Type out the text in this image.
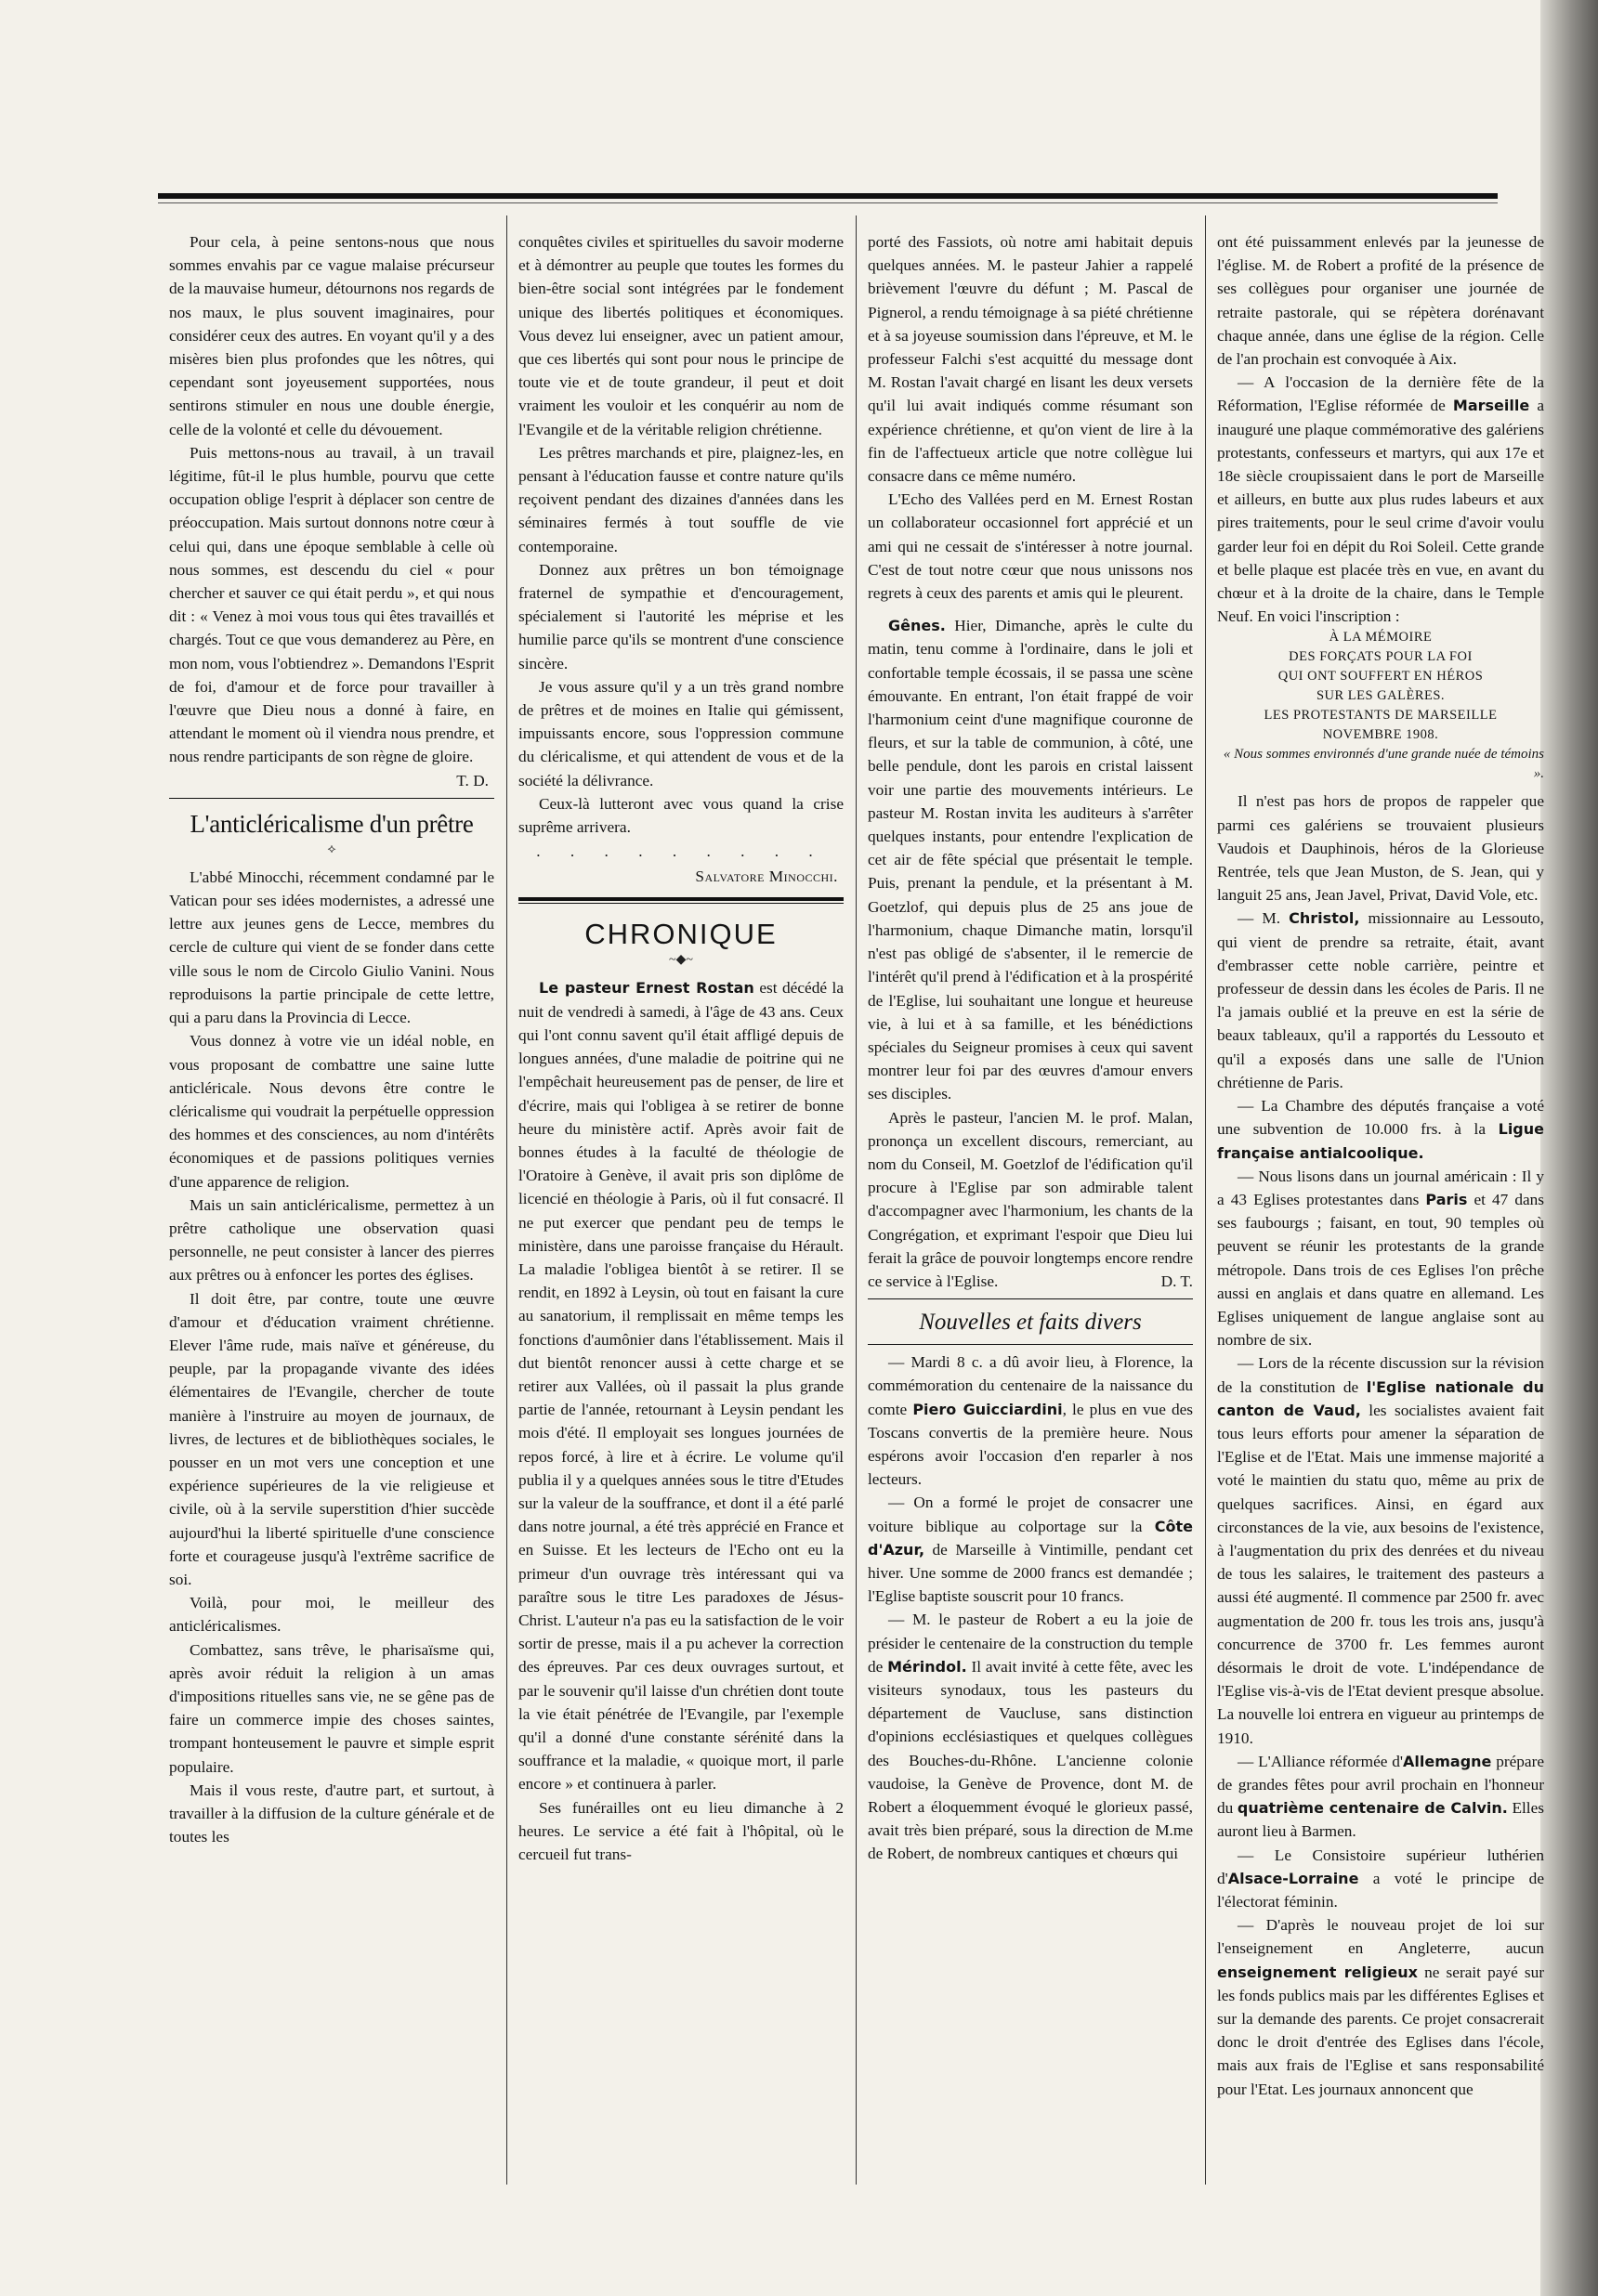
Pour cela, à peine sentons-nous que nous sommes envahis par ce vague malaise précurseur de la mauvaise humeur, détournons nos regards de nos maux, le plus souvent imaginaires, pour considérer ceux des autres. En voyant qu'il y a des misères bien plus profondes que les nôtres, qui cependant sont joyeusement supportées, nous sentirons stimuler en nous une double énergie, celle de la volonté et celle du dévouement.

Puis mettons-nous au travail, à un travail légitime, fût-il le plus humble, pourvu que cette occupation oblige l'esprit à déplacer son centre de préoccupation. Mais surtout donnons notre cœur à celui qui, dans une époque semblable à celle où nous sommes, est descendu du ciel « pour chercher et sauver ce qui était perdu », et qui nous dit : « Venez à moi vous tous qui êtes travaillés et chargés. Tout ce que vous demanderez au Père, en mon nom, vous l'obtiendrez ». Demandons l'Esprit de foi, d'amour et de force pour travailler à l'œuvre que Dieu nous a donné à faire, en attendant le moment où il viendra nous prendre, et nous rendre participants de son règne de gloire.

T. D.
L'anticléricalisme d'un prêtre
⟡

L'abbé Minocchi, récemment condamné par le Vatican pour ses idées modernistes, a adressé une lettre aux jeunes gens de Lecce, membres du cercle de culture qui vient de se fonder dans cette ville sous le nom de Circolo Giulio Vanini. Nous reproduisons la partie principale de cette lettre, qui a paru dans la Provincia di Lecce.

Vous donnez à votre vie un idéal noble, en vous proposant de combattre une saine lutte anticléricale. Nous devons être contre le cléricalisme qui voudrait la perpétuelle oppression des hommes et des consciences, au nom d'intérêts économiques et de passions politiques vernies d'une apparence de religion.

Mais un sain anticléricalisme, permettez à un prêtre catholique une observation quasi personnelle, ne peut consister à lancer des pierres aux prêtres ou à enfoncer les portes des églises.

Il doit être, par contre, toute une œuvre d'amour et d'éducation vraiment chrétienne. Elever l'âme rude, mais naïve et généreuse, du peuple, par la propagande vivante des idées élémentaires de l'Evangile, chercher de toute manière à l'instruire au moyen de journaux, de livres, de lectures et de bibliothèques sociales, le pousser en un mot vers une conception et une expérience supérieures de la vie religieuse et civile, où à la servile superstition d'hier succède aujourd'hui la liberté spirituelle d'une conscience forte et courageuse jusqu'à l'extrême sacrifice de soi.

Voilà, pour moi, le meilleur des anticléricalismes.

Combattez, sans trêve, le pharisaïsme qui, après avoir réduit la religion à un amas d'impositions rituelles sans vie, ne se gêne pas de faire un commerce impie des choses saintes, trompant honteusement le pauvre et simple esprit populaire.

Mais il vous reste, d'autre part, et surtout, à travailler à la diffusion de la culture générale et de toutes les

conquêtes civiles et spirituelles du savoir moderne et à démontrer au peuple que toutes les formes du bien-être social sont intégrées par le fondement unique des libertés politiques et économiques. Vous devez lui enseigner, avec un patient amour, que ces libertés qui sont pour nous le principe de toute vie et de toute grandeur, il peut et doit vraiment les vouloir et les conquérir au nom de l'Evangile et de la véritable religion chrétienne.

Les prêtres marchands et pire, plaignez-les, en pensant à l'éducation fausse et contre nature qu'ils reçoivent pendant des dizaines d'années dans les séminaires fermés à tout souffle de vie contemporaine.

Donnez aux prêtres un bon témoignage fraternel de sympathie et d'encouragement, spécialement si l'autorité les méprise et les humilie parce qu'ils se montrent d'une conscience sincère.

Je vous assure qu'il y a un très grand nombre de prêtres et de moines en Italie qui gémissent, impuissants encore, sous l'oppression commune du cléricalisme, et qui attendent de vous et de la société la délivrance.

Ceux-là lutteront avec vous quand la crise suprême arrivera.

. . . . . . . . .
Salvatore Minocchi.
CHRONIQUE
~◆~

Le pasteur Ernest Rostan est décédé la nuit de vendredi à samedi, à l'âge de 43 ans. Ceux qui l'ont connu savent qu'il était affligé depuis de longues années, d'une maladie de poitrine qui ne l'empêchait heureusement pas de penser, de lire et d'écrire, mais qui l'obligea à se retirer de bonne heure du ministère actif. Après avoir fait de bonnes études à la faculté de théologie de l'Oratoire à Genève, il avait pris son diplôme de licencié en théologie à Paris, où il fut consacré. Il ne put exercer que pendant peu de temps le ministère, dans une paroisse française du Hérault. La maladie l'obligea bientôt à se retirer. Il se rendit, en 1892 à Leysin, où tout en faisant la cure au sanatorium, il remplissait en même temps les fonctions d'aumônier dans l'établissement. Mais il dut bientôt renoncer aussi à cette charge et se retirer aux Vallées, où il passait la plus grande partie de l'année, retournant à Leysin pendant les mois d'été. Il employait ses longues journées de repos forcé, à lire et à écrire. Le volume qu'il publia il y a quelques années sous le titre d'Etudes sur la valeur de la souffrance, et dont il a été parlé dans notre journal, a été très apprécié en France et en Suisse. Et les lecteurs de l'Echo ont eu la primeur d'un ouvrage très intéressant qui va paraître sous le titre Les paradoxes de Jésus-Christ. L'auteur n'a pas eu la satisfaction de le voir sortir de presse, mais il a pu achever la correction des épreuves. Par ces deux ouvrages surtout, et par le souvenir qu'il laisse d'un chrétien dont toute la vie était pénétrée de l'Evangile, par l'exemple qu'il a donné d'une constante sérénité dans la souffrance et la maladie, « quoique mort, il parle encore » et continuera à parler.

Ses funérailles ont eu lieu dimanche à 2 heures. Le service a été fait à l'hôpital, où le cercueil fut trans-

porté des Fassiots, où notre ami habitait depuis quelques années. M. le pasteur Jahier a rappelé brièvement l'œuvre du défunt ; M. Pascal de Pignerol, a rendu témoignage à sa piété chrétienne et à sa joyeuse soumission dans l'épreuve, et M. le professeur Falchi s'est acquitté du message dont M. Rostan l'avait chargé en lisant les deux versets qu'il lui avait indiqués comme résumant son expérience chrétienne, et qu'on vient de lire à la fin de l'affectueux article que notre collègue lui consacre dans ce même numéro.

L'Echo des Vallées perd en M. Ernest Rostan un collaborateur occasionnel fort apprécié et un ami qui ne cessait de s'intéresser à notre journal. C'est de tout notre cœur que nous unissons nos regrets à ceux des parents et amis qui le pleurent.

Gênes. Hier, Dimanche, après le culte du matin, tenu comme à l'ordinaire, dans le joli et confortable temple écossais, il se passa une scène émouvante. En entrant, l'on était frappé de voir l'harmonium ceint d'une magnifique couronne de fleurs, et sur la table de communion, à côté, une belle pendule, dont les parois en cristal laissent voir une partie des mouvements intérieurs. Le pasteur M. Rostan invita les auditeurs à s'arrêter quelques instants, pour entendre l'explication de cet air de fête spécial que présentait le temple. Puis, prenant la pendule, et la présentant à M. Goetzlof, qui depuis plus de 25 ans joue de l'harmonium, chaque Dimanche matin, lorsqu'il n'est pas obligé de s'absenter, il le remercie de l'intérêt qu'il prend à l'édification et à la prospérité de l'Eglise, lui souhaitant une longue et heureuse vie, à lui et à sa famille, et les bénédictions spéciales du Seigneur promises à ceux qui savent montrer leur foi par des œuvres d'amour envers ses disciples.

Après le pasteur, l'ancien M. le prof. Malan, prononça un excellent discours, remerciant, au nom du Conseil, M. Goetzlof de l'édification qu'il procure à l'Eglise par son admirable talent d'accompagner avec l'harmonium, les chants de la Congrégation, et exprimant l'espoir que Dieu lui ferait la grâce de pouvoir longtemps encore rendre ce service à l'Eglise.	D. T.

Nouvelles et faits divers

— Mardi 8 c. a dû avoir lieu, à Florence, la commémoration du centenaire de la naissance du comte Piero Guicciardini, le plus en vue des Toscans convertis de la première heure. Nous espérons avoir l'occasion d'en reparler à nos lecteurs.

— On a formé le projet de consacrer une voiture biblique au colportage sur la Côte d'Azur, de Marseille à Vintimille, pendant cet hiver. Une somme de 2000 francs est demandée ; l'Eglise baptiste souscrit pour 10 francs.

— M. le pasteur de Robert a eu la joie de présider le centenaire de la construction du temple de Mérindol. Il avait invité à cette fête, avec les visiteurs synodaux, tous les pasteurs du département de Vaucluse, sans distinction d'opinions ecclésiastiques et quelques collègues des Bouches-du-Rhône. L'ancienne colonie vaudoise, la Genève de Provence, dont M. de Robert a éloquemment évoqué le glorieux passé, avait très bien préparé, sous la direction de M.me de Robert, de nombreux cantiques et chœurs qui

ont été puissamment enlevés par la jeunesse de l'église. M. de Robert a profité de la présence de ses collègues pour organiser une journée de retraite pastorale, qui se répètera dorénavant chaque année, dans une église de la région. Celle de l'an prochain est convoquée à Aix.

— A l'occasion de la dernière fête de la Réformation, l'Eglise réformée de Marseille a inauguré une plaque commémorative des galériens protestants, confesseurs et martyrs, qui aux 17e et 18e siècle croupissaient dans le port de Marseille et ailleurs, en butte aux plus rudes labeurs et aux pires traitements, pour le seul crime d'avoir voulu garder leur foi en dépit du Roi Soleil. Cette grande et belle plaque est placée très en vue, en avant du chœur et à la droite de la chaire, dans le Temple Neuf. En voici l'inscription :

À LA MÉMOIRE
DES FORÇATS POUR LA FOI
QUI ONT SOUFFERT EN HÉROS
SUR LES GALÈRES.
LES PROTESTANTS DE MARSEILLE
NOVEMBRE 1908.
« Nous sommes environnés d'une grande nuée de témoins ».

Il n'est pas hors de propos de rappeler que parmi ces galériens se trouvaient plusieurs Vaudois et Dauphinois, héros de la Glorieuse Rentrée, tels que Jean Muston, de S. Jean, qui y languit 25 ans, Jean Javel, Privat, David Vole, etc.

— M. Christol, missionnaire au Lessouto, qui vient de prendre sa retraite, était, avant d'embrasser cette noble carrière, peintre et professeur de dessin dans les écoles de Paris. Il ne l'a jamais oublié et la preuve en est la série de beaux tableaux, qu'il a rapportés du Lessouto et qu'il a exposés dans une salle de l'Union chrétienne de Paris.

— La Chambre des députés française a voté une subvention de 10.000 frs. à la Ligue française antialcoolique.

— Nous lisons dans un journal américain : Il y a 43 Eglises protestantes dans Paris et 47 dans ses faubourgs ; faisant, en tout, 90 temples où peuvent se réunir les protestants de la grande métropole. Dans trois de ces Eglises l'on prêche aussi en anglais et dans quatre en allemand. Les Eglises uniquement de langue anglaise sont au nombre de six.

— Lors de la récente discussion sur la révision de la constitution de l'Eglise nationale du canton de Vaud, les socialistes avaient fait tous leurs efforts pour amener la séparation de l'Eglise et de l'Etat. Mais une immense majorité a voté le maintien du statu quo, même au prix de quelques sacrifices. Ainsi, en égard aux circonstances de la vie, aux besoins de l'existence, à l'augmentation du prix des denrées et du niveau de tous les salaires, le traitement des pasteurs a aussi été augmenté. Il commence par 2500 fr. avec augmentation de 200 fr. tous les trois ans, jusqu'à concurrence de 3700 fr. Les femmes auront désormais le droit de vote. L'indépendance de l'Eglise vis-à-vis de l'Etat devient presque absolue. La nouvelle loi entrera en vigueur au printemps de 1910.

— L'Alliance réformée d'Allemagne prépare de grandes fêtes pour avril prochain en l'honneur du quatrième centenaire de Calvin. Elles auront lieu à Barmen.

— Le Consistoire supérieur luthérien d'Alsace-Lorraine a voté le principe de l'électorat féminin.

— D'après le nouveau projet de loi sur l'enseignement en Angleterre, aucun enseignement religieux ne serait payé sur les fonds publics mais par les différentes Eglises et sur la demande des parents. Ce projet consacrerait donc le droit d'entrée des Eglises dans l'école, mais aux frais de l'Eglise et sans responsabilité pour l'Etat. Les journaux annoncent que
